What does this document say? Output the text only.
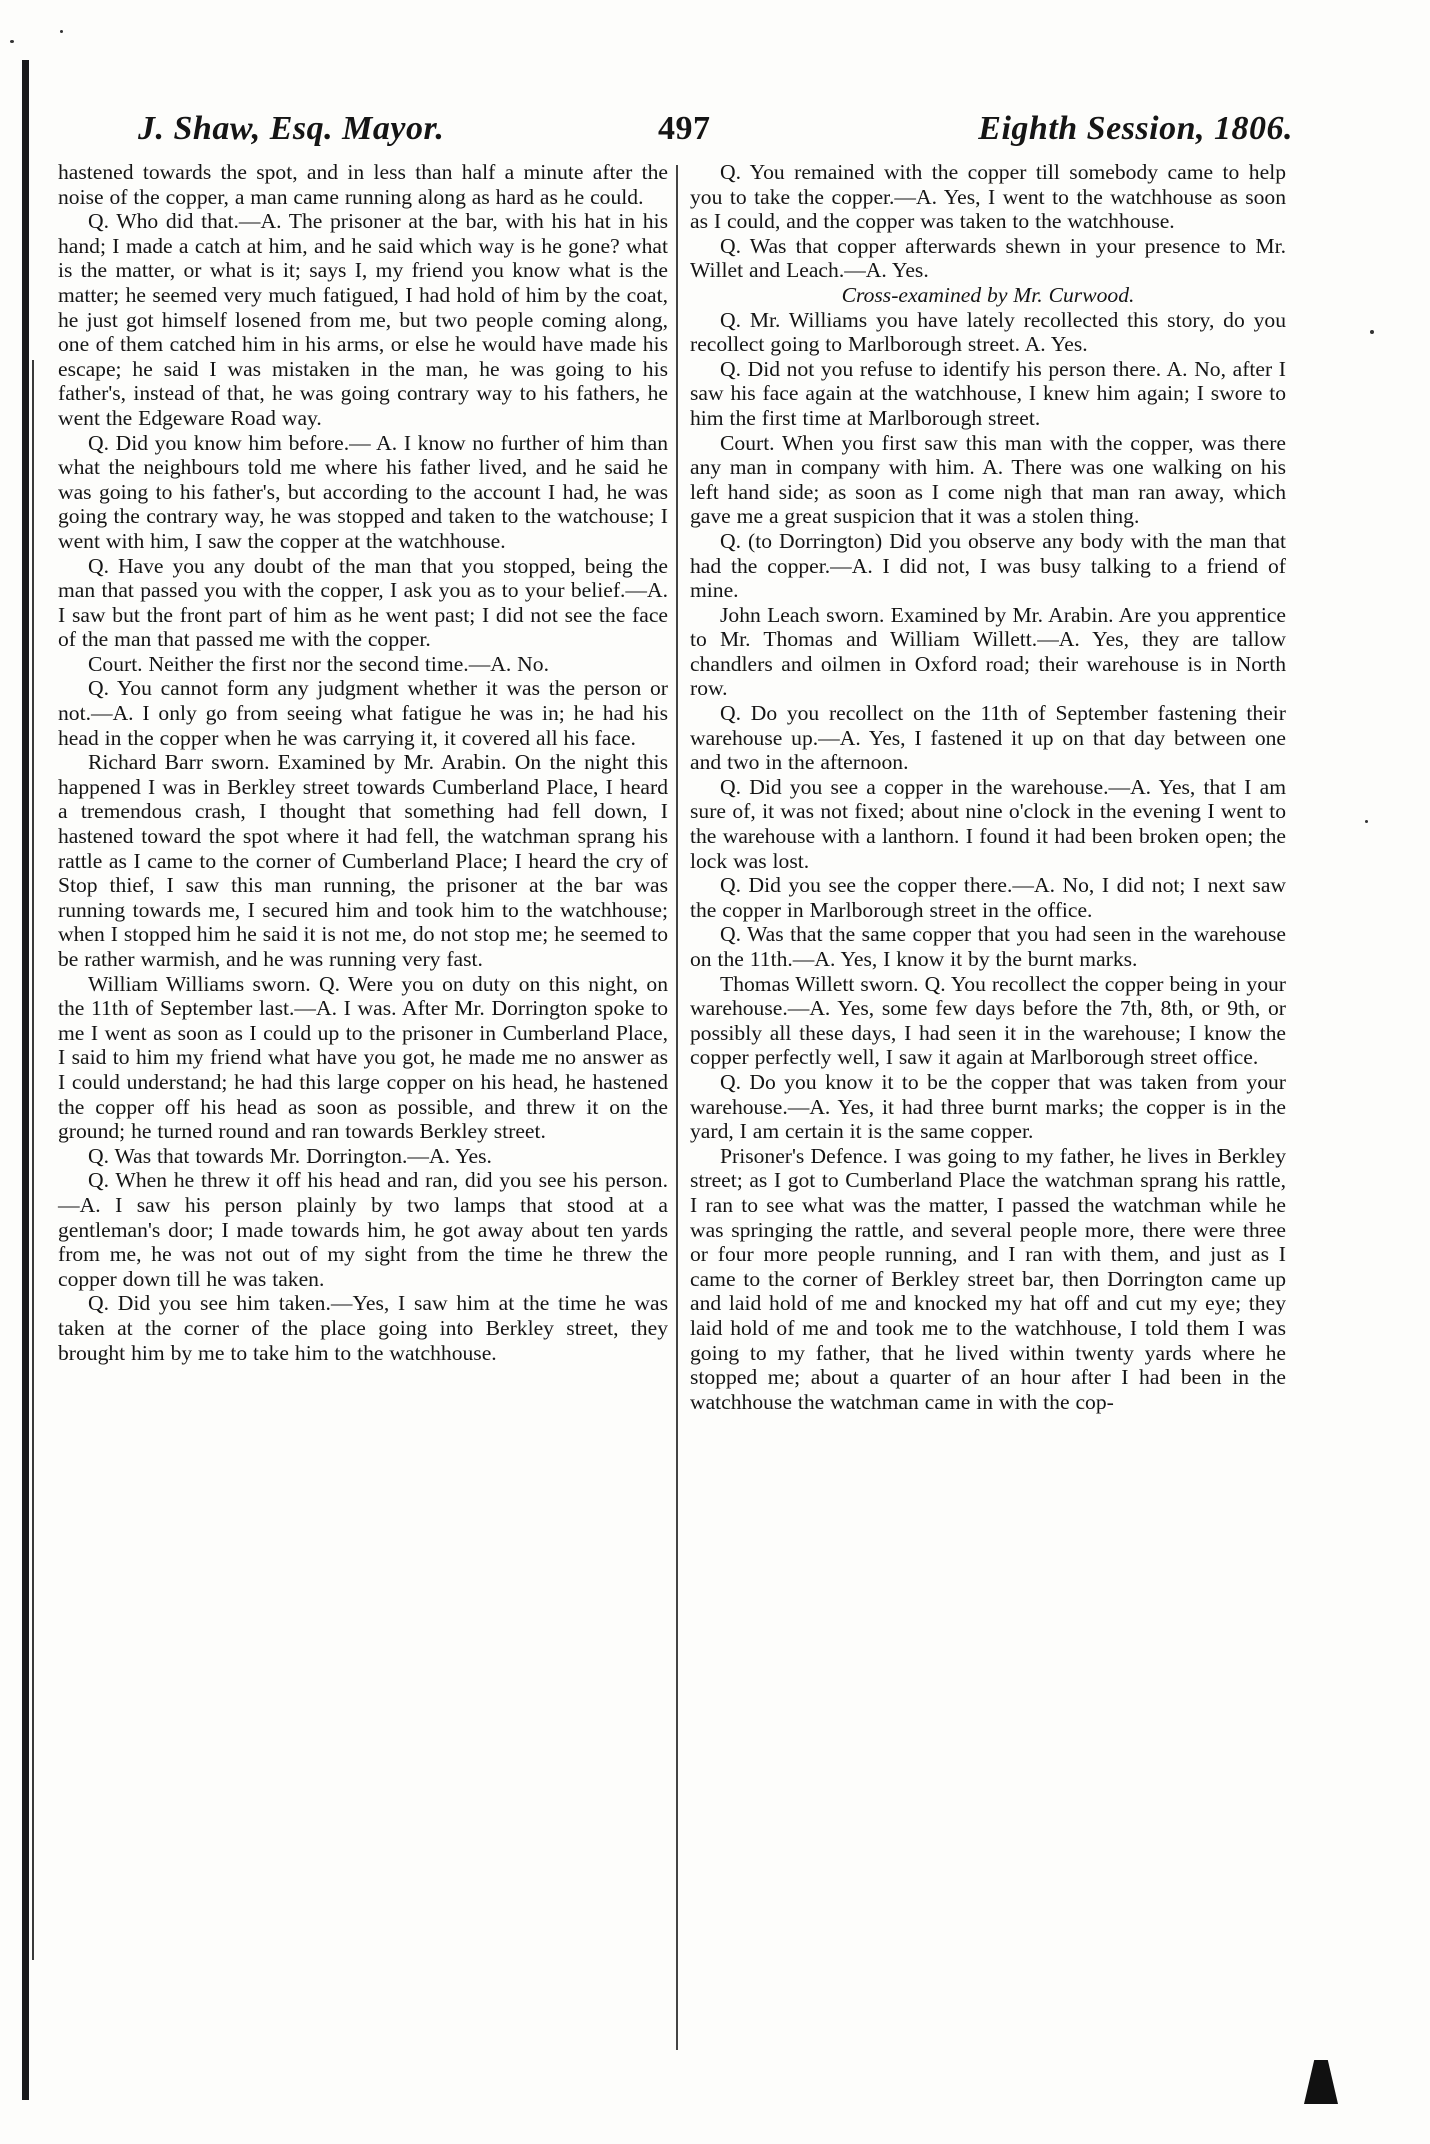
J. Shaw, Esq. Mayor.	497	Eighth Session, 1806.

hastened towards the spot, and in less than half a minute after the noise of the copper, a man came running along as hard as he could.

Q. Who did that.—A. The prisoner at the bar, with his hat in his hand; I made a catch at him, and he said which way is he gone? what is the matter, or what is it; says I, my friend you know what is the matter; he seemed very much fatigued, I had hold of him by the coat, he just got himself losened from me, but two people coming along, one of them catched him in his arms, or else he would have made his escape; he said I was mistaken in the man, he was going to his father's, instead of that, he was going contrary way to his fathers, he went the Edgeware Road way.

Q. Did you know him before.— A. I know no further of him than what the neighbours told me where his father lived, and he said he was going to his father's, but according to the account I had, he was going the contrary way, he was stopped and taken to the watchouse; I went with him, I saw the copper at the watchhouse.

Q. Have you any doubt of the man that you stopped, being the man that passed you with the copper, I ask you as to your belief.—A. I saw but the front part of him as he went past; I did not see the face of the man that passed me with the copper.

Court. Neither the first nor the second time.—A. No.

Q. You cannot form any judgment whether it was the person or not.—A. I only go from seeing what fatigue he was in; he had his head in the copper when he was carrying it, it covered all his face.

Richard Barr sworn. Examined by Mr. Arabin. On the night this happened I was in Berkley street towards Cumberland Place, I heard a tremendous crash, I thought that something had fell down, I hastened toward the spot where it had fell, the watchman sprang his rattle as I came to the corner of Cumberland Place; I heard the cry of Stop thief, I saw this man running, the prisoner at the bar was running towards me, I secured him and took him to the watchhouse; when I stopped him he said it is not me, do not stop me; he seemed to be rather warmish, and he was running very fast.

William Williams sworn. Q. Were you on duty on this night, on the 11th of September last.—A. I was. After Mr. Dorrington spoke to me I went as soon as I could up to the prisoner in Cumberland Place, I said to him my friend what have you got, he made me no answer as I could understand; he had this large copper on his head, he hastened the copper off his head as soon as possible, and threw it on the ground; he turned round and ran towards Berkley street.

Q. Was that towards Mr. Dorrington.—A. Yes.

Q. When he threw it off his head and ran, did you see his person.—A. I saw his person plainly by two lamps that stood at a gentleman's door; I made towards him, he got away about ten yards from me, he was not out of my sight from the time he threw the copper down till he was taken.

Q. Did you see him taken.—Yes, I saw him at the time he was taken at the corner of the place going into Berkley street, they brought him by me to take him to the watchhouse.

Q. You remained with the copper till somebody came to help you to take the copper.—A. Yes, I went to the watchhouse as soon as I could, and the copper was taken to the watchhouse.

Q. Was that copper afterwards shewn in your presence to Mr. Willet and Leach.—A. Yes.

Cross-examined by Mr. Curwood.

Q. Mr. Williams you have lately recollected this story, do you recollect going to Marlborough street. A. Yes.

Q. Did not you refuse to identify his person there. A. No, after I saw his face again at the watchhouse, I knew him again; I swore to him the first time at Marlborough street.

Court. When you first saw this man with the copper, was there any man in company with him. A. There was one walking on his left hand side; as soon as I come nigh that man ran away, which gave me a great suspicion that it was a stolen thing.

Q. (to Dorrington) Did you observe any body with the man that had the copper.—A. I did not, I was busy talking to a friend of mine.

John Leach sworn. Examined by Mr. Arabin. Are you apprentice to Mr. Thomas and William Willett.—A. Yes, they are tallow chandlers and oilmen in Oxford road; their warehouse is in North row.

Q. Do you recollect on the 11th of September fastening their warehouse up.—A. Yes, I fastened it up on that day between one and two in the afternoon.

Q. Did you see a copper in the warehouse.—A. Yes, that I am sure of, it was not fixed; about nine o'clock in the evening I went to the warehouse with a lanthorn. I found it had been broken open; the lock was lost.

Q. Did you see the copper there.—A. No, I did not; I next saw the copper in Marlborough street in the office.

Q. Was that the same copper that you had seen in the warehouse on the 11th.—A. Yes, I know it by the burnt marks.

Thomas Willett sworn. Q. You recollect the copper being in your warehouse.—A. Yes, some few days before the 7th, 8th, or 9th, or possibly all these days, I had seen it in the warehouse; I know the copper perfectly well, I saw it again at Marlborough street office.

Q. Do you know it to be the copper that was taken from your warehouse.—A. Yes, it had three burnt marks; the copper is in the yard, I am certain it is the same copper.

Prisoner's Defence. I was going to my father, he lives in Berkley street; as I got to Cumberland Place the watchman sprang his rattle, I ran to see what was the matter, I passed the watchman while he was springing the rattle, and several people more, there were three or four more people running, and I ran with them, and just as I came to the corner of Berkley street bar, then Dorrington came up and laid hold of me and knocked my hat off and cut my eye; they laid hold of me and took me to the watchhouse, I told them I was going to my father, that he lived within twenty yards where he stopped me; about a quarter of an hour after I had been in the watchhouse the watchman came in with the cop-
